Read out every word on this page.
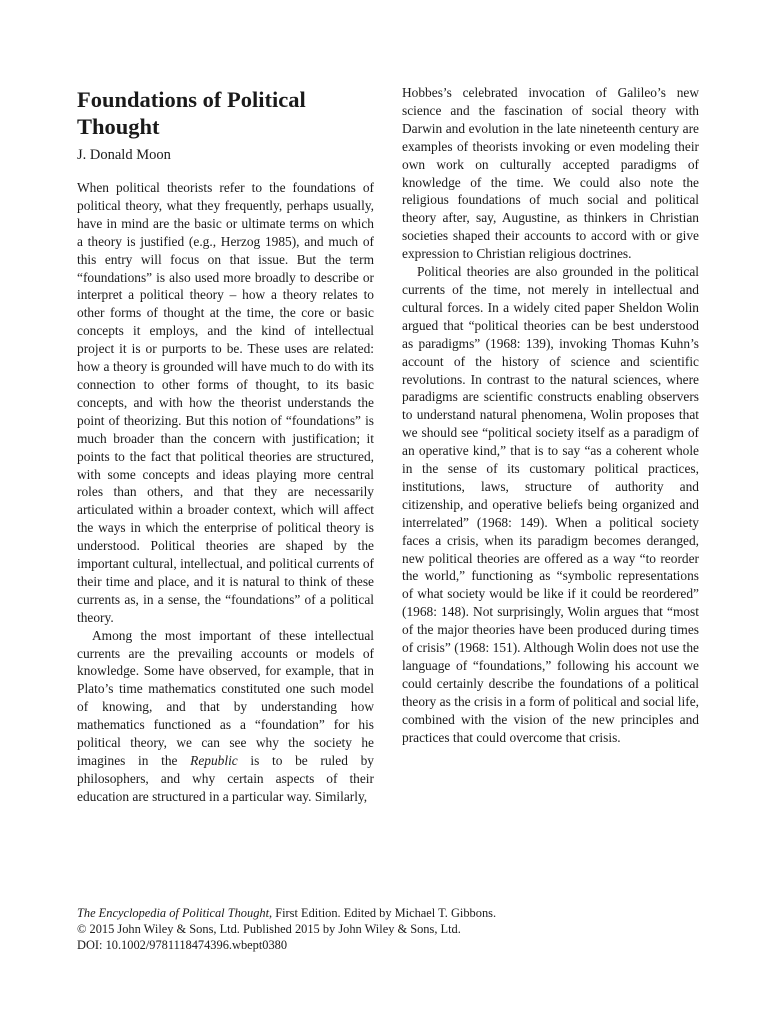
Foundations of Political Thought
J. Donald Moon

When political theorists refer to the foundations of political theory, what they frequently, perhaps usually, have in mind are the basic or ultimate terms on which a theory is justified (e.g., Herzog 1985), and much of this entry will focus on that issue. But the term “foundations” is also used more broadly to describe or interpret a political theory – how a theory relates to other forms of thought at the time, the core or basic concepts it employs, and the kind of intellectual project it is or purports to be. These uses are related: how a theory is grounded will have much to do with its connection to other forms of thought, to its basic concepts, and with how the theorist understands the point of theorizing. But this notion of “foundations” is much broader than the concern with justification; it points to the fact that political theories are structured, with some concepts and ideas playing more central roles than others, and that they are necessarily articulated within a broader context, which will affect the ways in which the enterprise of political theory is understood. Political theories are shaped by the important cultural, intellectual, and political currents of their time and place, and it is natural to think of these currents as, in a sense, the “foundations” of a political theory.

Among the most important of these intellectual currents are the prevailing accounts or models of knowledge. Some have observed, for example, that in Plato’s time mathematics constituted one such model of knowing, and that by understanding how mathematics functioned as a “foundation” for his political theory, we can see why the society he imagines in the Republic is to be ruled by philosophers, and why certain aspects of their education are structured in a particular way. Similarly,

Hobbes’s celebrated invocation of Galileo’s new science and the fascination of social theory with Darwin and evolution in the late nineteenth century are examples of theorists invoking or even modeling their own work on culturally accepted paradigms of knowledge of the time. We could also note the religious foundations of much social and political theory after, say, Augustine, as thinkers in Christian societies shaped their accounts to accord with or give expression to Christian religious doctrines.

Political theories are also grounded in the political currents of the time, not merely in intellectual and cultural forces. In a widely cited paper Sheldon Wolin argued that “political theories can be best understood as paradigms” (1968: 139), invoking Thomas Kuhn’s account of the history of science and scientific revolutions. In contrast to the natural sciences, where paradigms are scientific constructs enabling observers to understand natural phenomena, Wolin proposes that we should see “political society itself as a paradigm of an operative kind,” that is to say “as a coherent whole in the sense of its customary political practices, institutions, laws, structure of authority and citizenship, and operative beliefs being organized and interrelated” (1968: 149). When a political society faces a crisis, when its paradigm becomes deranged, new political theories are offered as a way “to reorder the world,” functioning as “symbolic representations of what society would be like if it could be reordered” (1968: 148). Not surprisingly, Wolin argues that “most of the major theories have been produced during times of crisis” (1968: 151). Although Wolin does not use the language of “foundations,” following his account we could certainly describe the foundations of a political theory as the crisis in a form of political and social life, combined with the vision of the new principles and practices that could overcome that crisis.

The Encyclopedia of Political Thought, First Edition. Edited by Michael T. Gibbons.
© 2015 John Wiley & Sons, Ltd. Published 2015 by John Wiley & Sons, Ltd.
DOI: 10.1002/9781118474396.wbept0380
